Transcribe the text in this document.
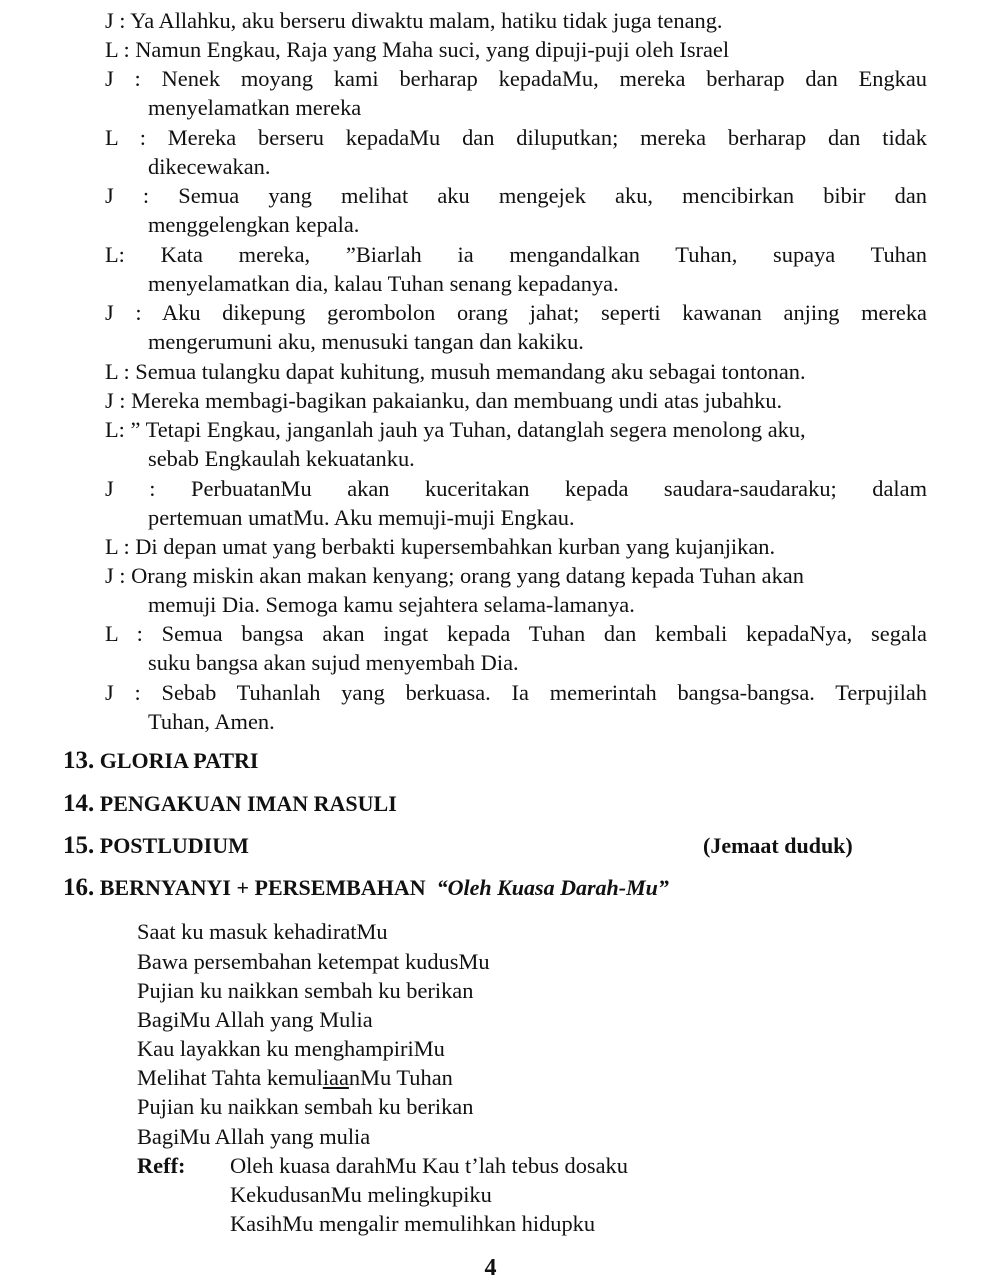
J : Ya Allahku, aku berseru diwaktu malam, hatiku tidak juga tenang.
L : Namun Engkau, Raja yang Maha suci, yang dipuji-puji oleh Israel
J : Nenek moyang kami berharap kepadaMu, mereka berharap dan Engkau
menyelamatkan mereka
L : Mereka berseru kepadaMu dan diluputkan; mereka berharap dan tidak
dikecewakan.
J : Semua yang melihat aku mengejek aku, mencibirkan bibir dan
menggelengkan kepala.
L: Kata mereka, ”Biarlah ia mengandalkan Tuhan, supaya Tuhan
menyelamatkan dia, kalau Tuhan senang kepadanya.
J : Aku dikepung gerombolon orang jahat; seperti kawanan anjing mereka
mengerumuni aku, menusuki tangan dan kakiku.
L : Semua tulangku dapat kuhitung, musuh memandang aku sebagai tontonan.
J : Mereka membagi-bagikan pakaianku, dan membuang undi atas jubahku.
L: ” Tetapi Engkau, janganlah jauh ya Tuhan, datanglah segera menolong aku,
sebab Engkaulah kekuatanku.
J : PerbuatanMu akan kuceritakan kepada saudara-saudaraku; dalam
pertemuan umatMu. Aku memuji-muji Engkau.
L : Di depan umat yang berbakti kupersembahkan kurban yang kujanjikan.
J : Orang miskin akan makan kenyang; orang yang datang kepada Tuhan akan
memuji Dia. Semoga kamu sejahtera selama-lamanya.
L : Semua bangsa akan ingat kepada Tuhan dan kembali kepadaNya, segala
suku bangsa akan sujud menyembah Dia.
J : Sebab Tuhanlah yang berkuasa. Ia memerintah bangsa-bangsa. Terpujilah
Tuhan, Amen.
13. GLORIA PATRI
14. PENGAKUAN IMAN RASULI
15. POSTLUDIUM	(Jemaat duduk)
16. BERNYANYI + PERSEMBAHAN “Oleh Kuasa Darah-Mu”
Saat ku masuk kehadiratMu
Bawa persembahan ketempat kudusMu
Pujian ku naikkan sembah ku berikan
BagiMu Allah yang Mulia
Kau layakkan ku menghampiriMu
Melihat Tahta kemuliaanMu Tuhan
Pujian ku naikkan sembah ku berikan
BagiMu Allah yang mulia
Reff: Oleh kuasa darahMu Kau t’lah tebus dosaku
KekudusanMu melingkupiku
KasihMu mengalir memulihkan hidupku
4
